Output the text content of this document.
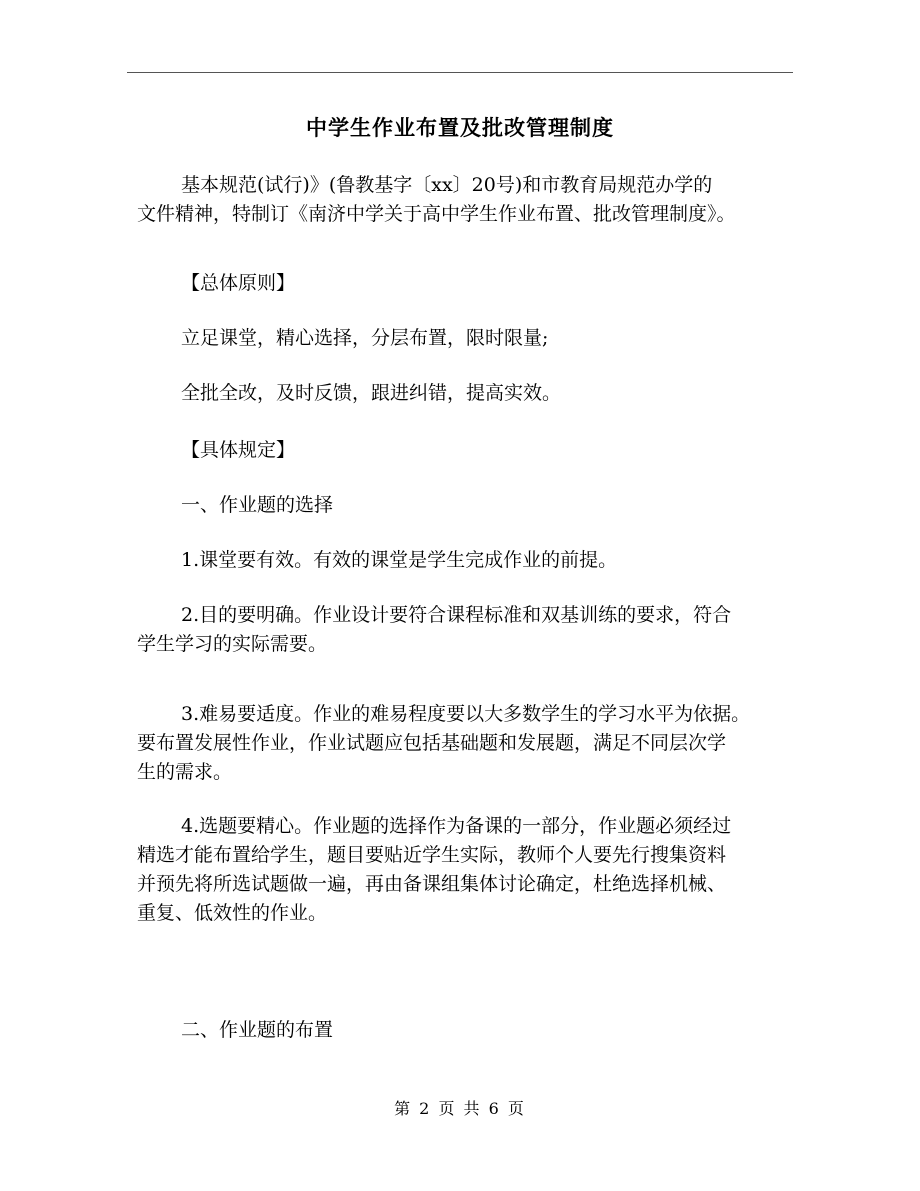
中学生作业布置及批改管理制度
基本规范(试行)》(鲁教基字〔xx〕20号)和市教育局规范办学的
文件精神，特制订《南济中学关于高中学生作业布置、批改管理制度》。
【总体原则】
立足课堂，精心选择，分层布置，限时限量;
全批全改，及时反馈，跟进纠错，提高实效。
【具体规定】
一、作业题的选择
1.课堂要有效。有效的课堂是学生完成作业的前提。
2.目的要明确。作业设计要符合课程标准和双基训练的要求，符合
学生学习的实际需要。
3.难易要适度。作业的难易程度要以大多数学生的学习水平为依据。
要布置发展性作业，作业试题应包括基础题和发展题，满足不同层次学
生的需求。
4.选题要精心。作业题的选择作为备课的一部分，作业题必须经过
精选才能布置给学生，题目要贴近学生实际，教师个人要先行搜集资料
并预先将所选试题做一遍，再由备课组集体讨论确定，杜绝选择机械、
重复、低效性的作业。
二、作业题的布置
第 2 页 共 6 页
